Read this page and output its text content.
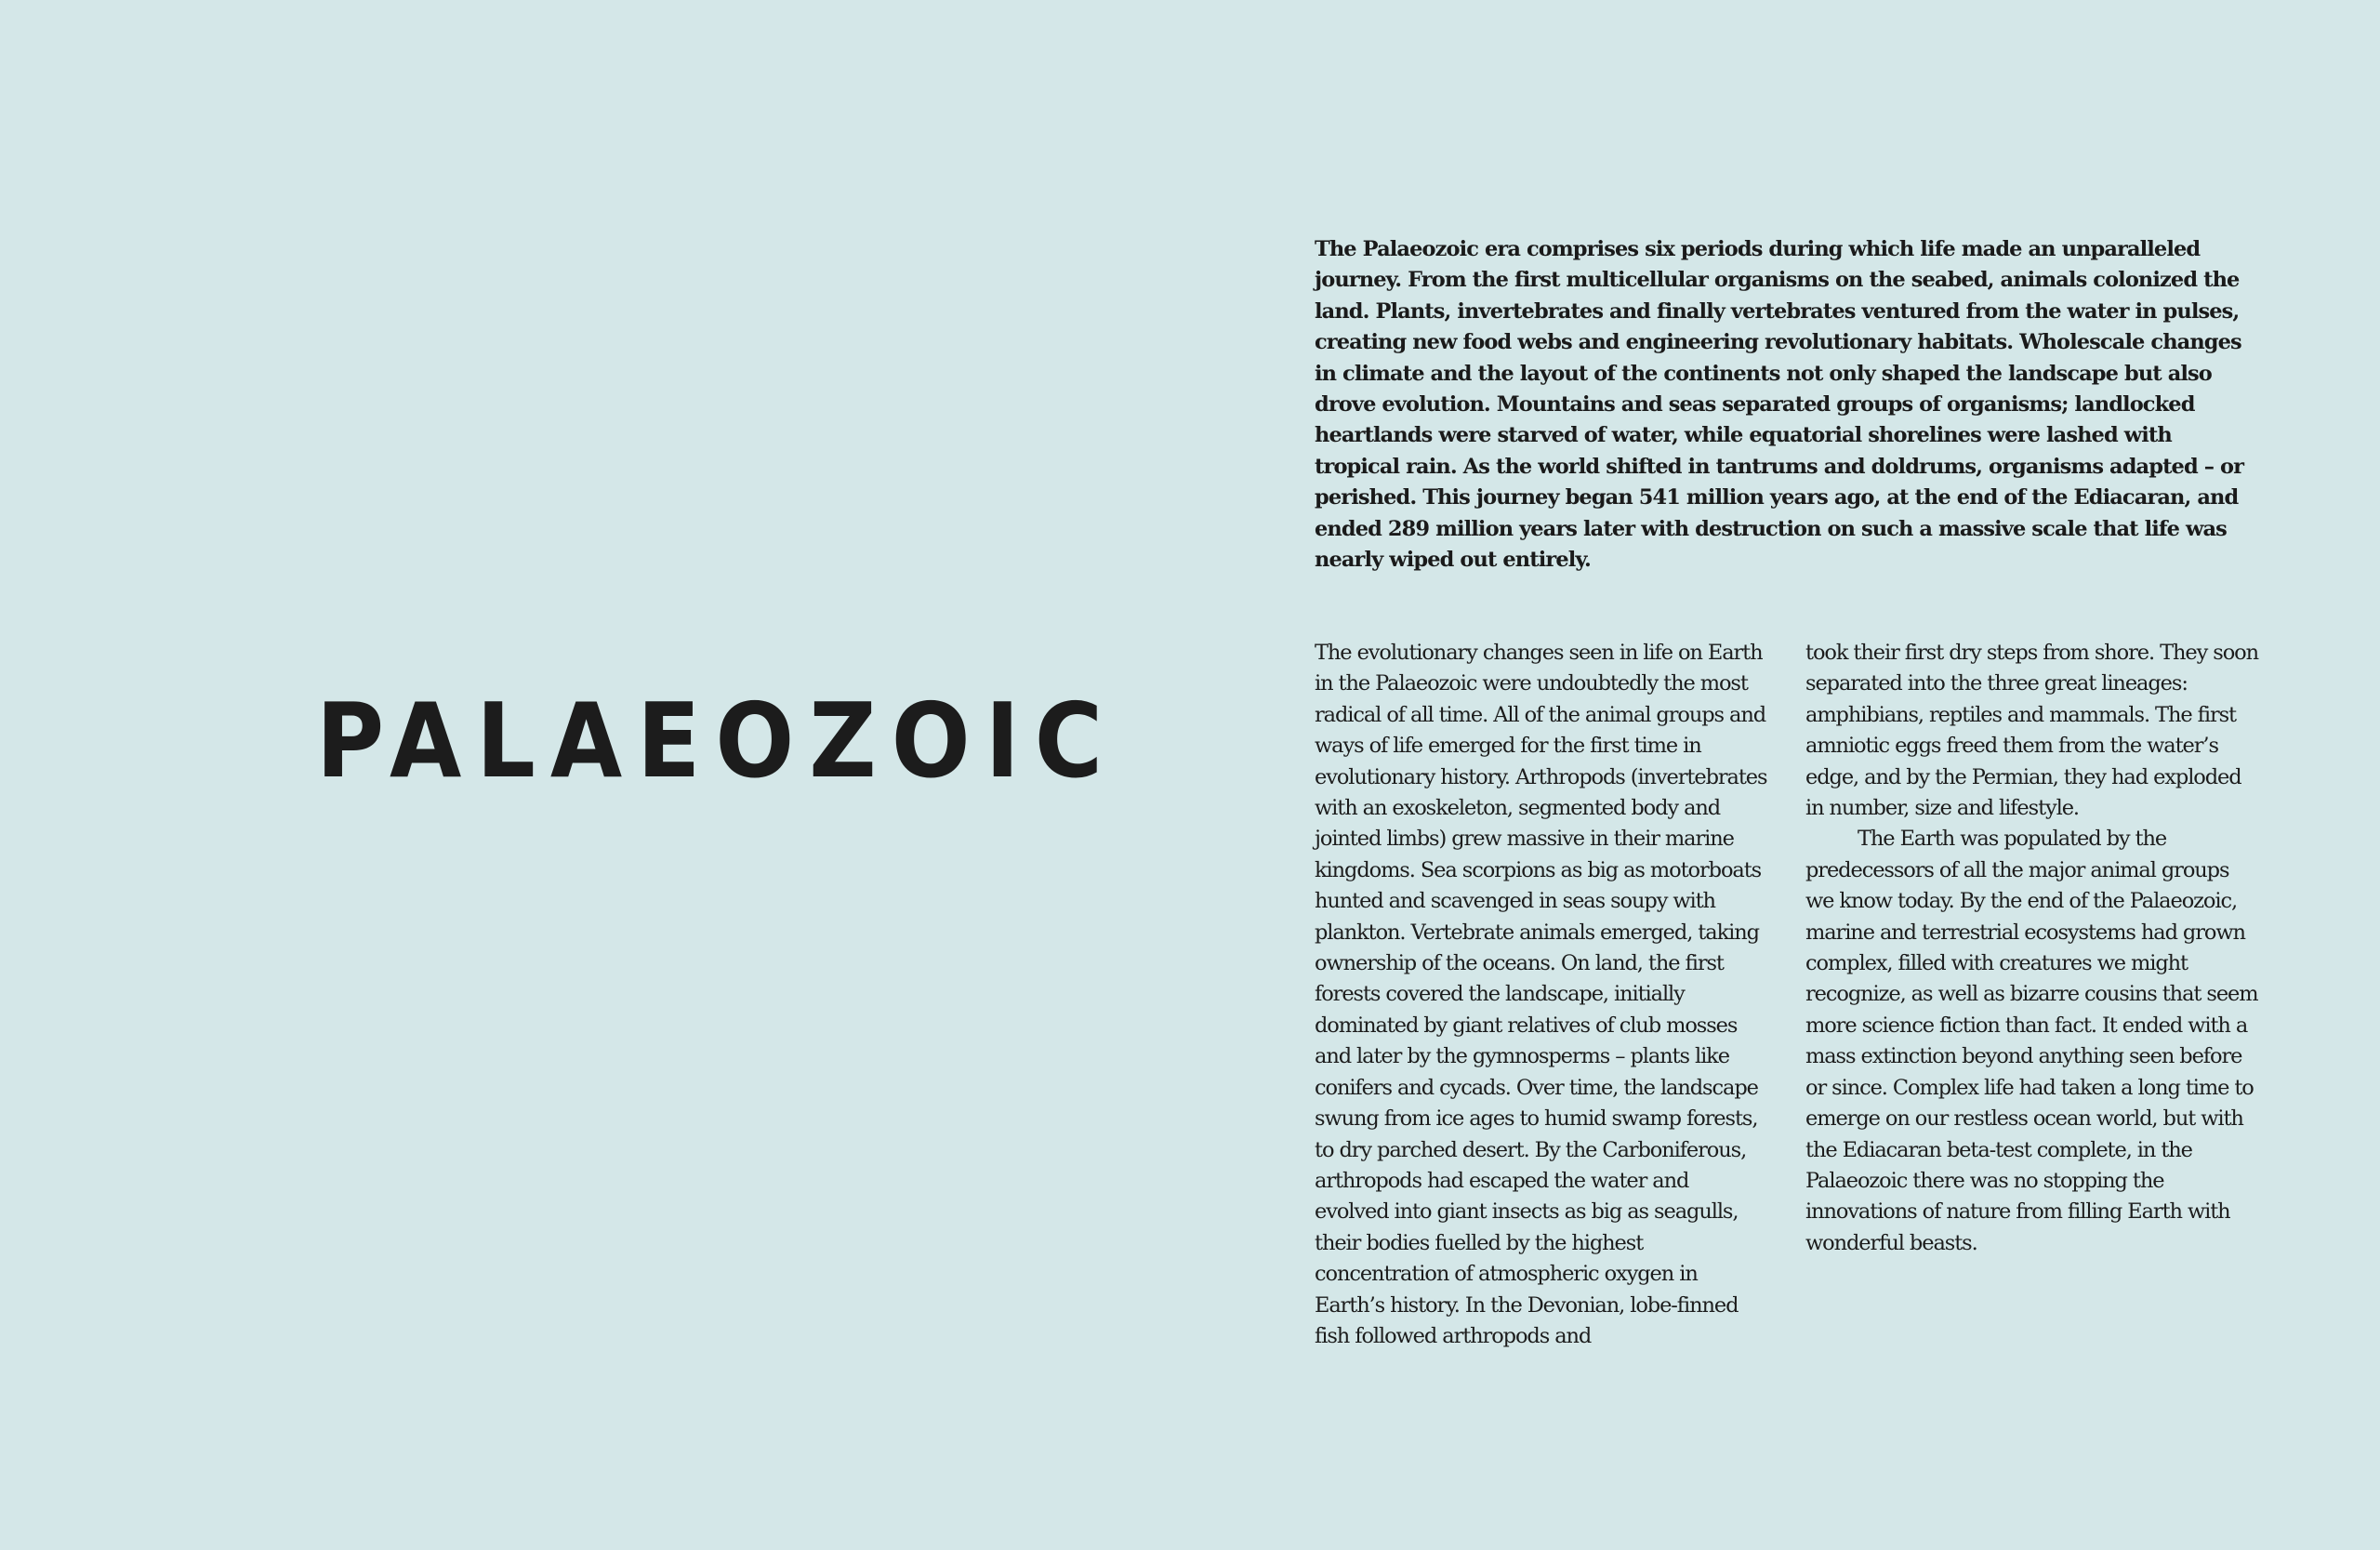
PALAEOZOIC

The Palaeozoic era comprises six periods during which life made an unparalleled journey. From the first multicellular organisms on the seabed, animals colonized the land. Plants, invertebrates and finally vertebrates ventured from the water in pulses, creating new food webs and engineering revolutionary habitats. Wholescale changes in climate and the layout of the continents not only shaped the landscape but also drove evolution. Mountains and seas separated groups of organisms; landlocked heartlands were starved of water, while equatorial shorelines were lashed with tropical rain. As the world shifted in tantrums and doldrums, organisms adapted – or perished. This journey began 541 million years ago, at the end of the Ediacaran, and ended 289 million years later with destruction on such a massive scale that life was nearly wiped out entirely.

The evolutionary changes seen in life on Earth in the Palaeozoic were undoubtedly the most radical of all time. All of the animal groups and ways of life emerged for the first time in evolutionary history. Arthropods (invertebrates with an exoskeleton, segmented body and jointed limbs) grew massive in their marine kingdoms. Sea scorpions as big as motorboats hunted and scavenged in seas soupy with plankton. Vertebrate animals emerged, taking ownership of the oceans. On land, the first forests covered the landscape, initially dominated by giant relatives of club mosses and later by the gymnosperms – plants like conifers and cycads. Over time, the landscape swung from ice ages to humid swamp forests, to dry parched desert. By the Carboniferous, arthropods had escaped the water and evolved into giant insects as big as seagulls, their bodies fuelled by the highest concentration of atmospheric oxygen in Earth’s history. In the Devonian, lobe-finned fish followed arthropods and

took their first dry steps from shore. They soon separated into the three great lineages: amphibians, reptiles and mammals. The first amniotic eggs freed them from the water’s edge, and by the Permian, they had exploded in number, size and lifestyle.

The Earth was populated by the predecessors of all the major animal groups we know today. By the end of the Palaeozoic, marine and terrestrial ecosystems had grown complex, filled with creatures we might recognize, as well as bizarre cousins that seem more science fiction than fact. It ended with a mass extinction beyond anything seen before or since. Complex life had taken a long time to emerge on our restless ocean world, but with the Ediacaran beta-test complete, in the Palaeozoic there was no stopping the innovations of nature from filling Earth with wonderful beasts.
